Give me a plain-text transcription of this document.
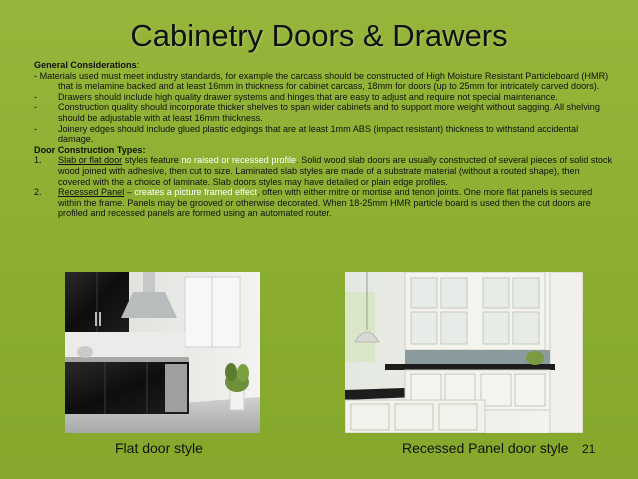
Cabinetry Doors & Drawers

General Considerations:

- Materials used must meet industry standards, for example the carcass should be constructed of High Moisture Resistant Particleboard (HMR) that is melamine backed and at least 16mm in thickness for cabinet carcass, 18mm for doors (up to 25mm for intricately carved doors).

-	Drawers should include high quality drawer systems and hinges that are easy to adjust and require not special maintenance.
-	Construction quality should incorporate thicker shelves to span wider cabinets and to support more weight without sagging. All shelving should be adjustable with at least 16mm thickness.
-	Joinery edges should include glued plastic edgings that are at least 1mm ABS (impact resistant) thickness to withstand accidental damage.

Door Construction Types:

1.	Slab or flat door styles feature no raised or recessed profile. Solid wood slab doors are usually constructed of several pieces of solid stock wood joined with adhesive, then cut to size. Laminated slab styles are made of a substrate material (without a routed shape), then covered with the a choice of laminate. Slab doors styles may have detailed or plain edge profiles.
2.	Recessed Panel – creates a picture framed effect, often with either mitre or mortise and tenon joints. One more flat panels is secured within the frame. Panels may be grooved or otherwise decorated. When 18-25mm HMR particle board is used then the cut doors are profiled and recessed panels are formed using an automated router.
Flat door style	Recessed Panel door style 21
